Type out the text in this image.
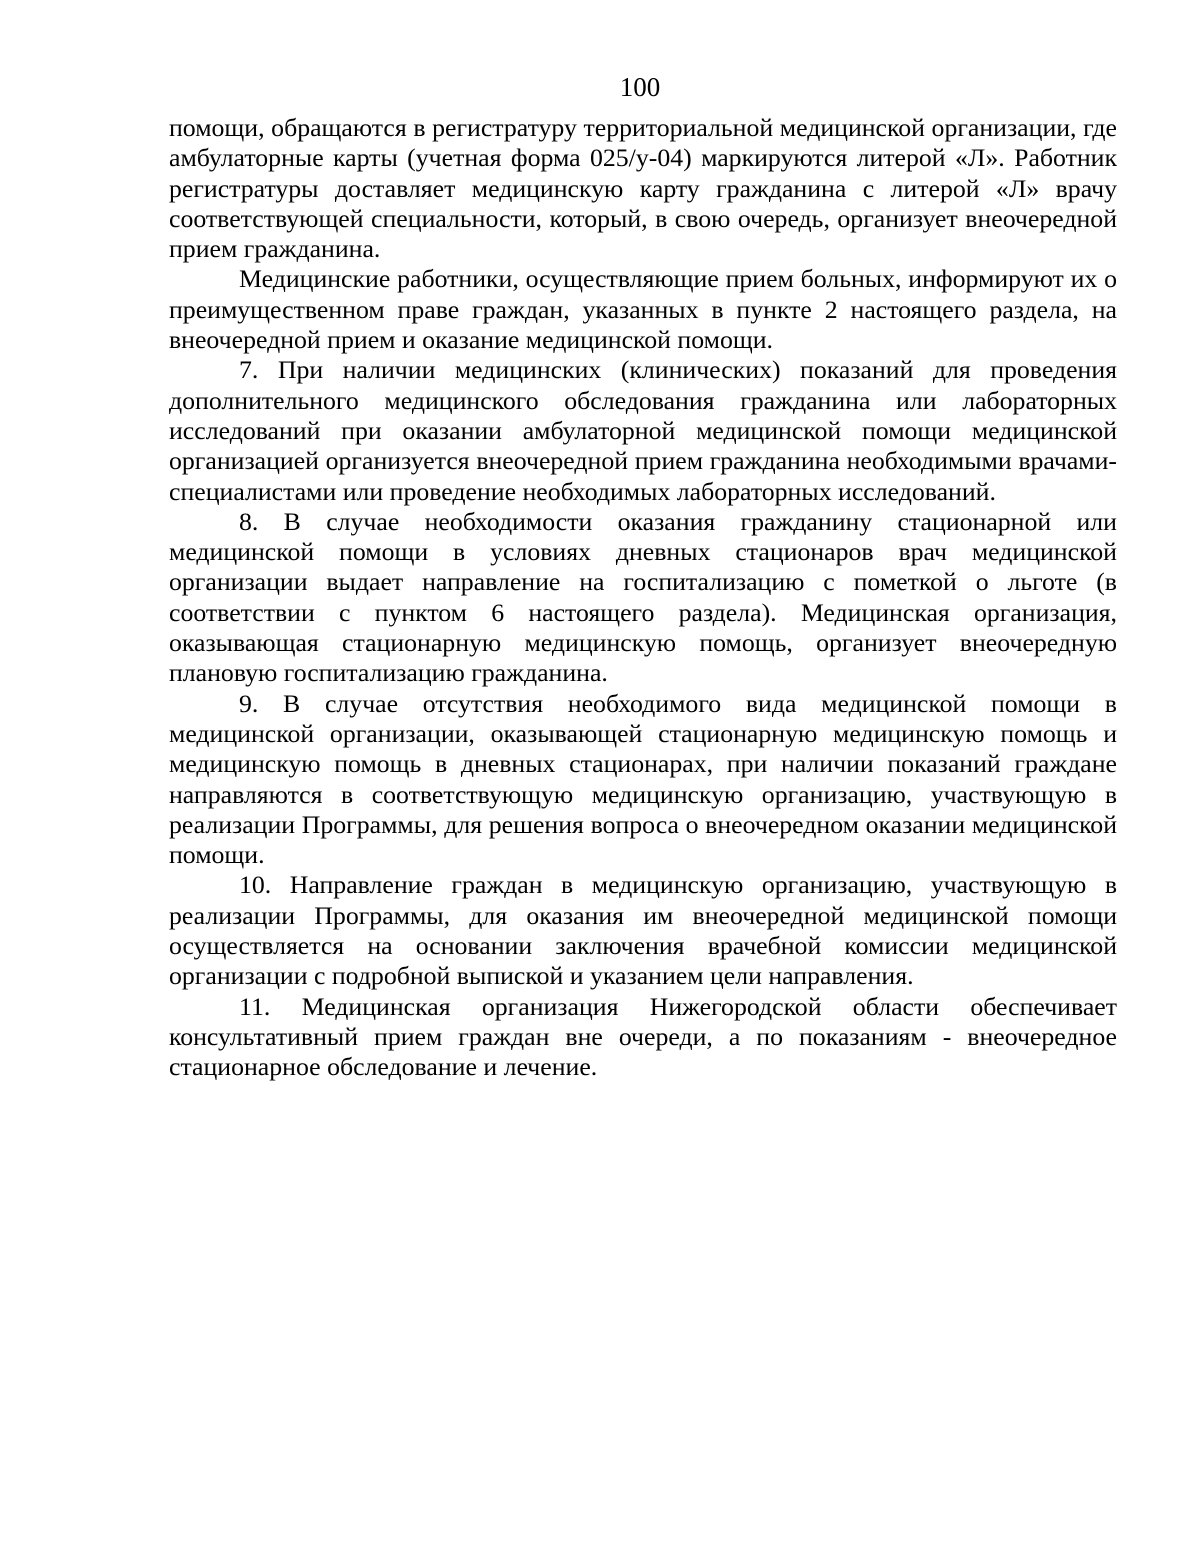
100

помощи, обращаются в регистратуру территориальной медицинской организации, где амбулаторные карты (учетная форма 025/у-04) маркируются литерой «Л». Работник регистратуры доставляет медицинскую карту гражданина с литерой «Л» врачу соответствующей специальности, который, в свою очередь, организует внеочередной прием гражданина.

Медицинские работники, осуществляющие прием больных, информируют их о преимущественном праве граждан, указанных в пункте 2 настоящего раздела, на внеочередной прием и оказание медицинской помощи.

7. При наличии медицинских (клинических) показаний для проведения дополнительного медицинского обследования гражданина или лабораторных исследований при оказании амбулаторной медицинской помощи медицинской организацией организуется внеочередной прием гражданина необходимыми врачами-специалистами или проведение необходимых лабораторных исследований.

8. В случае необходимости оказания гражданину стационарной или медицинской помощи в условиях дневных стационаров врач медицинской организации выдает направление на госпитализацию с пометкой о льготе (в соответствии с пунктом 6 настоящего раздела). Медицинская организация, оказывающая стационарную медицинскую помощь, организует внеочередную плановую госпитализацию гражданина.

9. В случае отсутствия необходимого вида медицинской помощи в медицинской организации, оказывающей стационарную медицинскую помощь и медицинскую помощь в дневных стационарах, при наличии показаний граждане направляются в соответствующую медицинскую организацию, участвующую в реализации Программы, для решения вопроса о внеочередном оказании медицинской помощи.

10. Направление граждан в медицинскую организацию, участвующую в реализации Программы, для оказания им внеочередной медицинской помощи осуществляется на основании заключения врачебной комиссии медицинской организации с подробной выпиской и указанием цели направления.

11. Медицинская организация Нижегородской области обеспечивает консультативный прием граждан вне очереди, а по показаниям - внеочередное стационарное обследование и лечение.
